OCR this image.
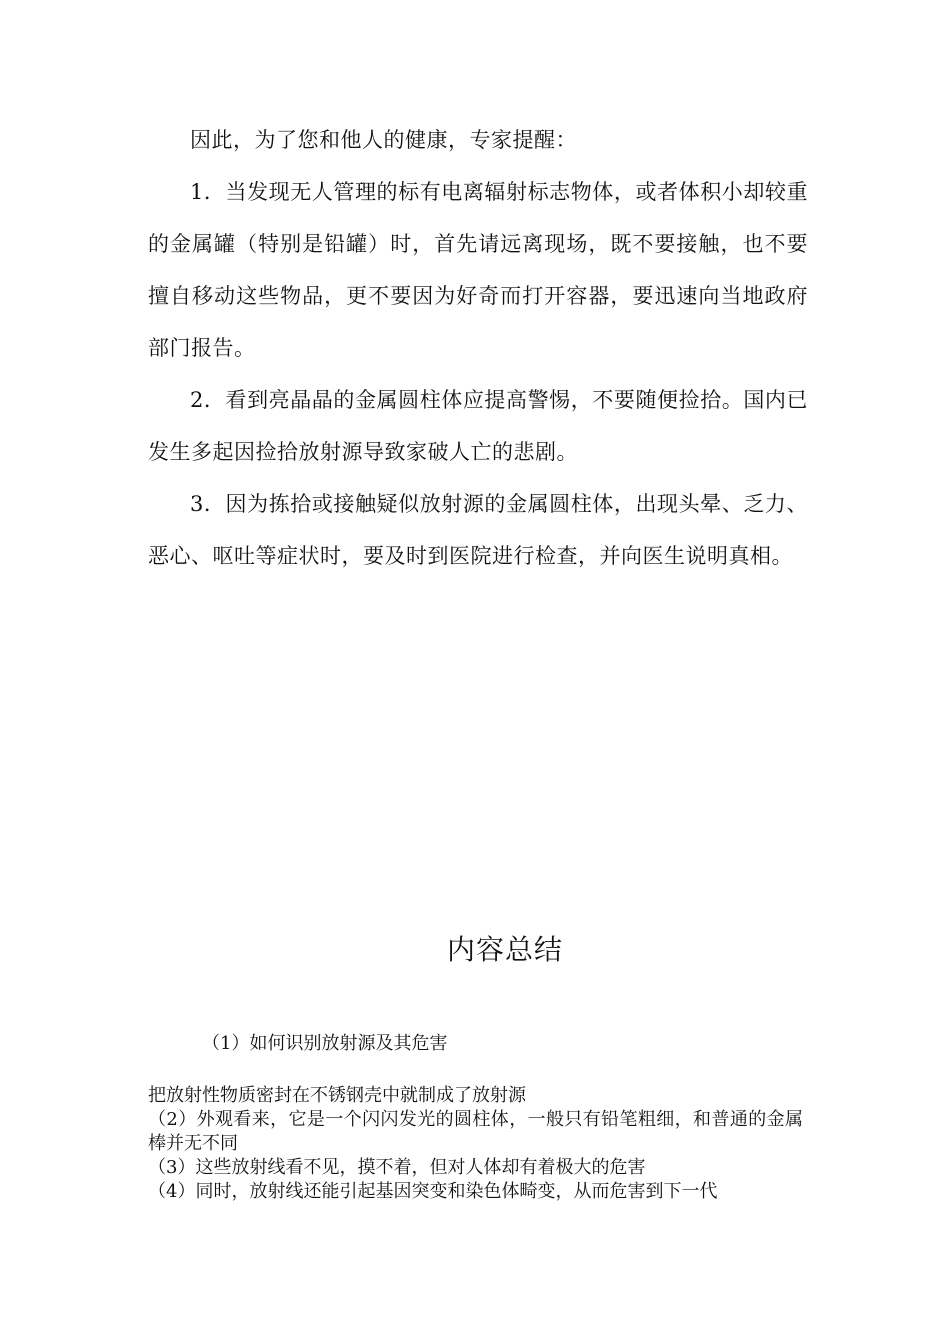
因此，为了您和他人的健康，专家提醒：

1．当发现无人管理的标有电离辐射标志物体，或者体积小却较重的金属罐（特别是铅罐）时，首先请远离现场，既不要接触，也不要擅自移动这些物品，更不要因为好奇而打开容器，要迅速向当地政府部门报告。

2．看到亮晶晶的金属圆柱体应提高警惕，不要随便捡拾。国内已发生多起因捡拾放射源导致家破人亡的悲剧。

3．因为拣拾或接触疑似放射源的金属圆柱体，出现头晕、乏力、恶心、呕吐等症状时，要及时到医院进行检查，并向医生说明真相。

内容总结

（1）如何识别放射源及其危害

把放射性物质密封在不锈钢壳中就制成了放射源

（2）外观看来，它是一个闪闪发光的圆柱体，一般只有铅笔粗细，和普通的金属棒并无不同

（3）这些放射线看不见，摸不着，但对人体却有着极大的危害

（4）同时，放射线还能引起基因突变和染色体畸变，从而危害到下一代
